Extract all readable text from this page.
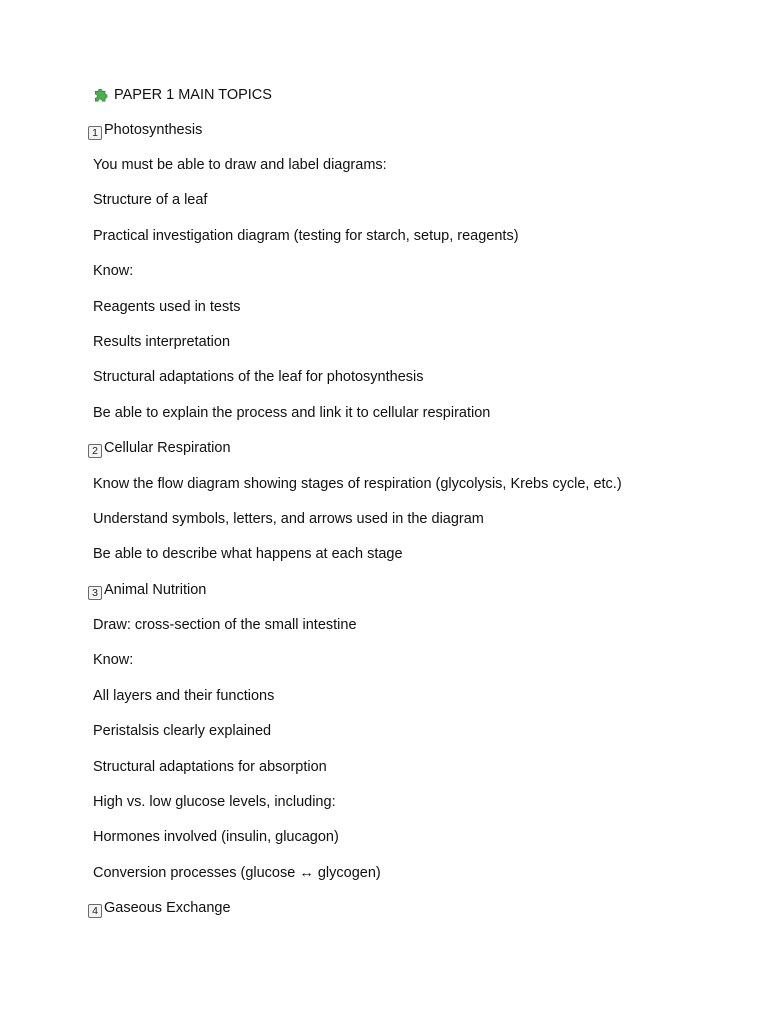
PAPER 1 MAIN TOPICS
1 Photosynthesis
You must be able to draw and label diagrams:
Structure of a leaf
Practical investigation diagram (testing for starch, setup, reagents)
Know:
Reagents used in tests
Results interpretation
Structural adaptations of the leaf for photosynthesis
Be able to explain the process and link it to cellular respiration
2 Cellular Respiration
Know the flow diagram showing stages of respiration (glycolysis, Krebs cycle, etc.)
Understand symbols, letters, and arrows used in the diagram
Be able to describe what happens at each stage
3 Animal Nutrition
Draw: cross-section of the small intestine
Know:
All layers and their functions
Peristalsis clearly explained
Structural adaptations for absorption
High vs. low glucose levels, including:
Hormones involved (insulin, glucagon)
Conversion processes (glucose ↔ glycogen)
4 Gaseous Exchange
